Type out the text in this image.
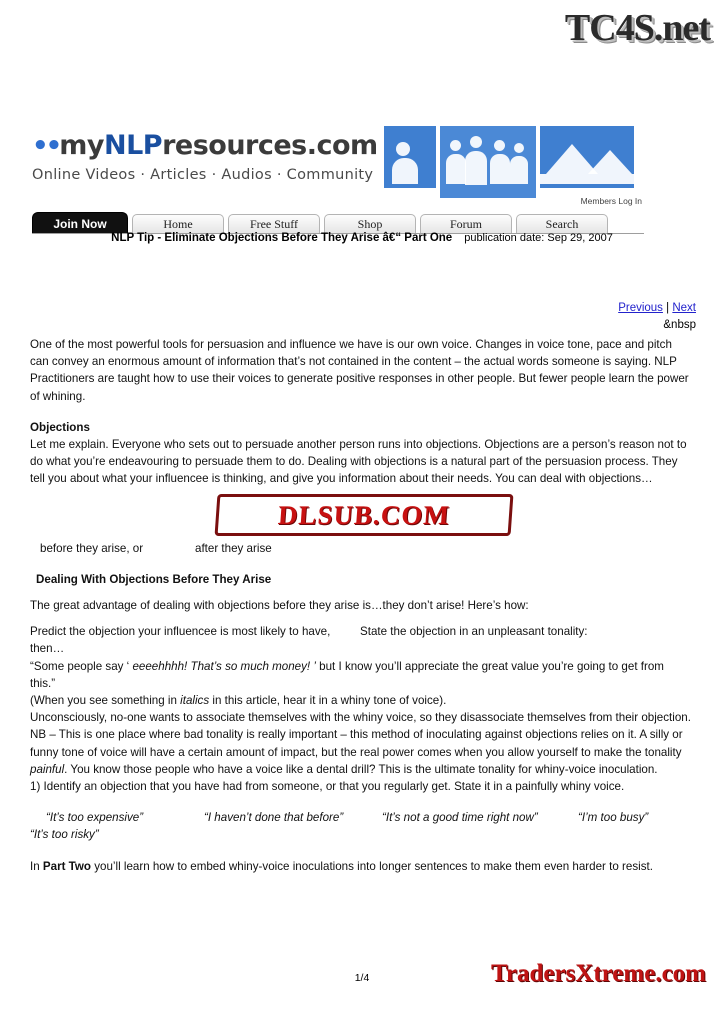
TC4S.net
••myNLPresources.com
Online Videos · Articles · Audios · Community
Members Log In
Join Now	Home	Free Stuff	Shop	Forum	Search
NLP Tip - Eliminate Objections Before They Arise â€“ Part One publication date: Sep 29, 2007
Previous | Next
&nbsp

One of the most powerful tools for persuasion and influence we have is our own voice. Changes in voice tone, pace and pitch can convey an enormous amount of information that’s not contained in the content – the actual words someone is saying. NLP Practitioners are taught how to use their voices to generate positive responses in other people. But fewer people learn the power of whining.

Objections

Let me explain. Everyone who sets out to persuade another person runs into objections. Objections are a person’s reason not to do what you’re endeavouring to persuade them to do. Dealing with objections is a natural part of the persuasion process. They tell you about what your influencee is thinking, and give you information about their needs. You can deal with objections…

before they arise, or	after they arise

Dealing With Objections Before They Arise

The great advantage of dealing with objections before they arise is…they don’t arise! Here’s how:

Predict the objection your influencee is most likely to have, then…
State the objection in an unpleasant tonality:

“Some people say ‘ eeeehhhh! That’s so much money! ’ but I know you’ll appreciate the great value you’re going to get from this.”

(When you see something in italics in this article, hear it in a whiny tone of voice).

Unconsciously, no-one wants to associate themselves with the whiny voice, so they disassociate themselves from their objection. NB – This is one place where bad tonality is really important – this method of inoculating against objections relies on it. A silly or funny tone of voice will have a certain amount of impact, but the real power comes when you allow yourself to make the tonality painful. You know those people who have a voice like a dental drill? This is the ultimate tonality for whiny-voice inoculation.

1) Identify an objection that you have had from someone, or that you regularly get. State it in a painfully whiny voice.

“It’s too expensive”	“I haven’t done that before”	“It’s not a good time right now”	“I’m too busy”
“It’s too risky”

In Part Two you’ll learn how to embed whiny-voice inoculations into longer sentences to make them even harder to resist.

DLSUB.COM
1/4	TradersXtreme.com
